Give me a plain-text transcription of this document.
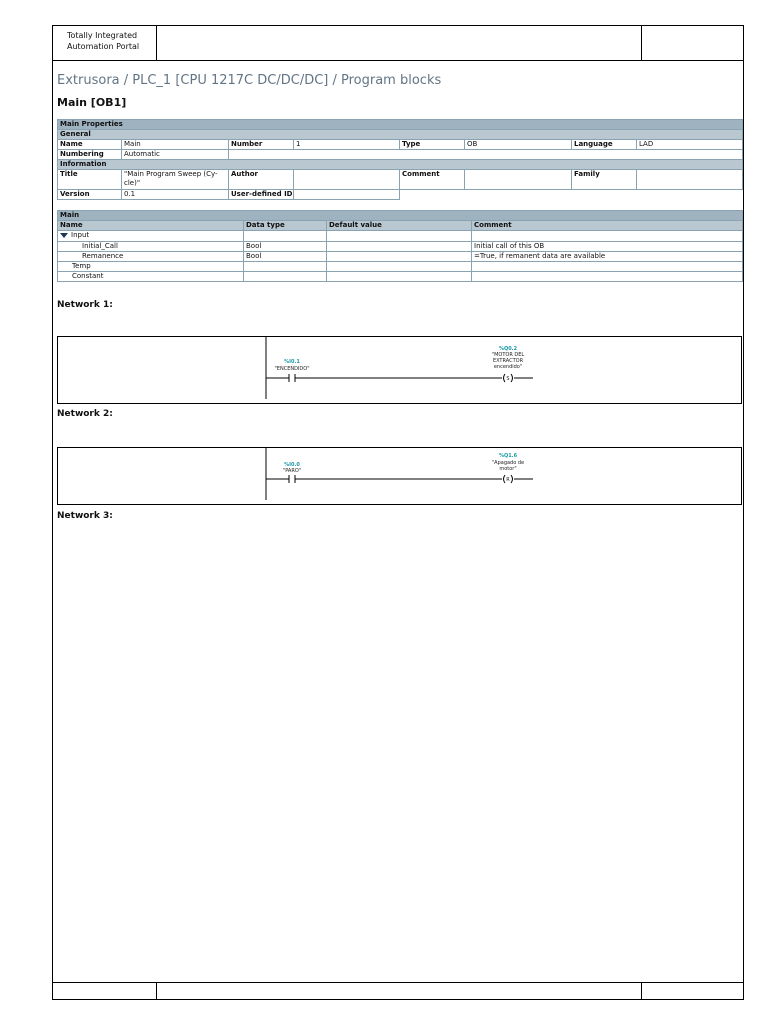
Totally Integrated
Automation Portal
Extrusora / PLC_1 [CPU 1217C DC/DC/DC] / Program blocks
Main [OB1]
Main Properties							
General							
Name	Main	Number	1	Type	OB	Language	LAD
Numbering	Automatic						
Information							
Title	"Main Program Sweep (Cy-cle)"	Author		Comment		Family	
Version	0.1	User-defined ID					
Main			
Name	Data type	Default value	Comment
Input			
Initial_Call	Bool		Initial call of this OB
Remanence	Bool		=True, if remanent data are available
Temp			
Constant			
Network 1:
%I0.1
"ENCENDIDO"
%Q0.2
"MOTOR DEL
EXTRACTOR
encendido"
S
Network 2:
%I0.0
"PARO"
%Q1.6
"Apagado de
motor"
R
Network 3:
